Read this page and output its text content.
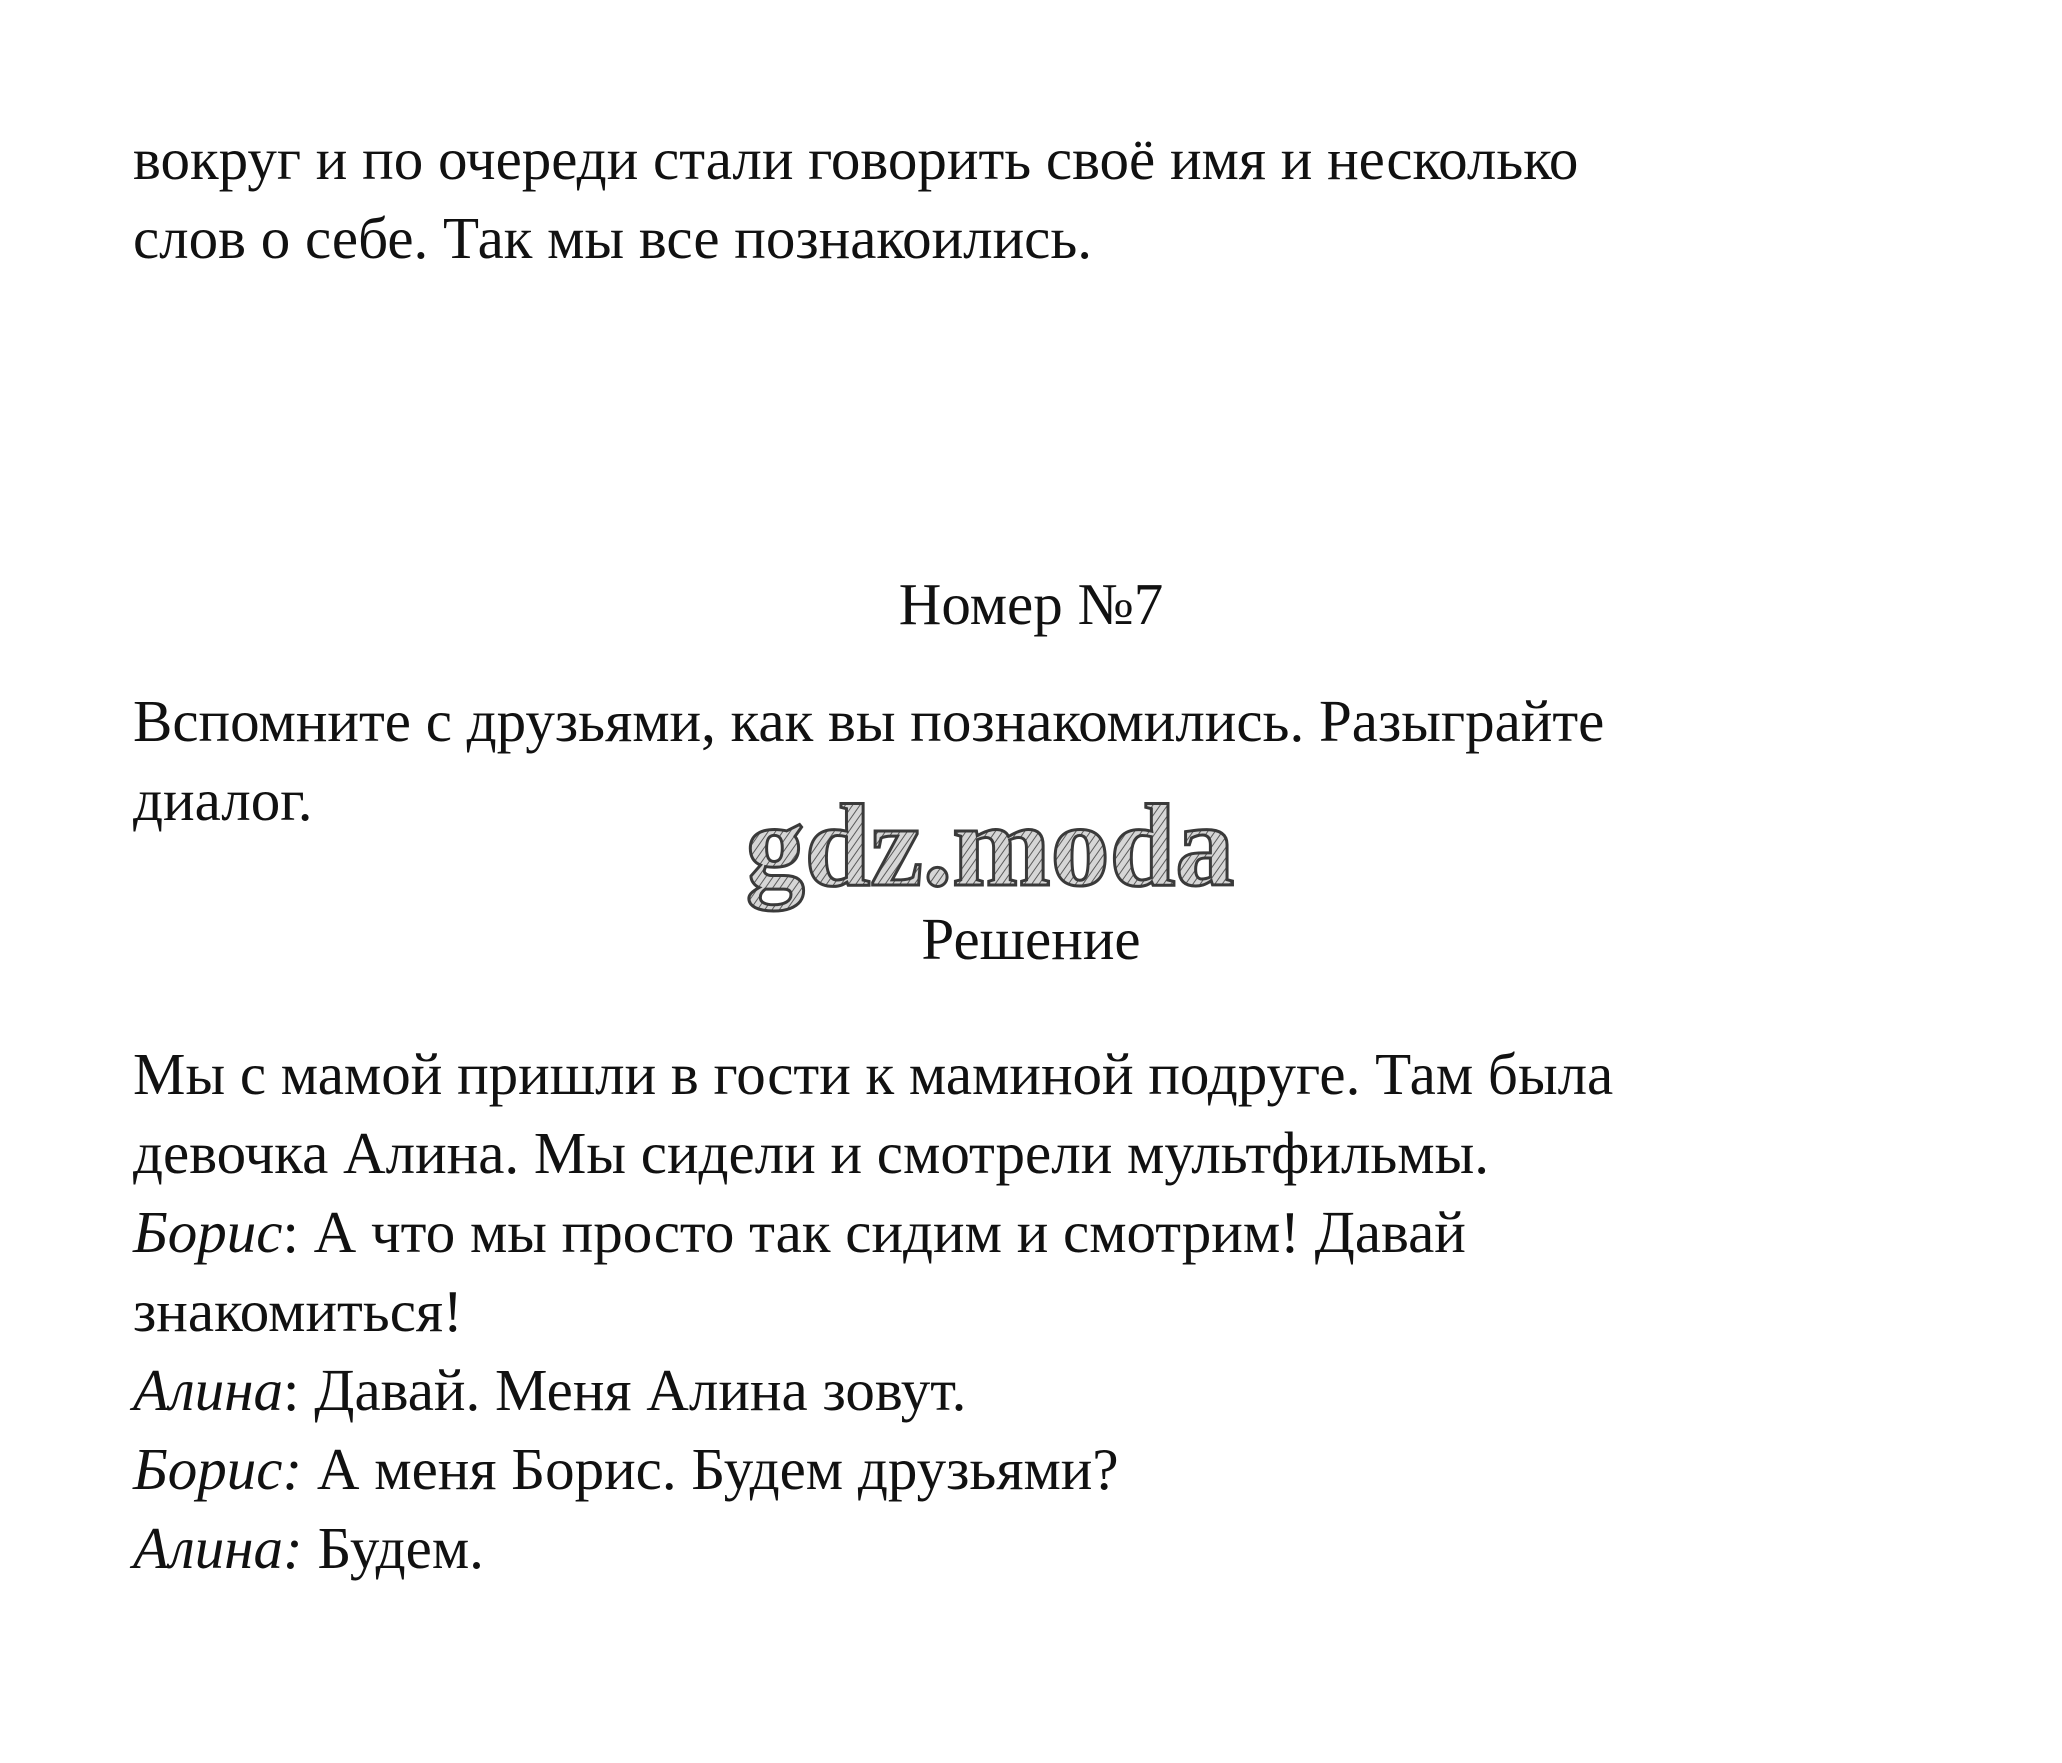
вокруг и по очереди стали говорить своё имя и несколько
слов о себе. Так мы все познакоились.

Номер №7

Вспомните с друзьями, как вы познакомились. Разыграйте
диалог.	gdz.moda

Решение

Мы с мамой пришли в гости к маминой подруге. Там была
девочка Алина. Мы сидели и смотрели мультфильмы.
Борис: А что мы просто так сидим и смотрим! Давай
знакомиться!
Алина: Давай. Меня Алина зовут.
Борис: А меня Борис. Будем друзьями?
Алина: Будем.
